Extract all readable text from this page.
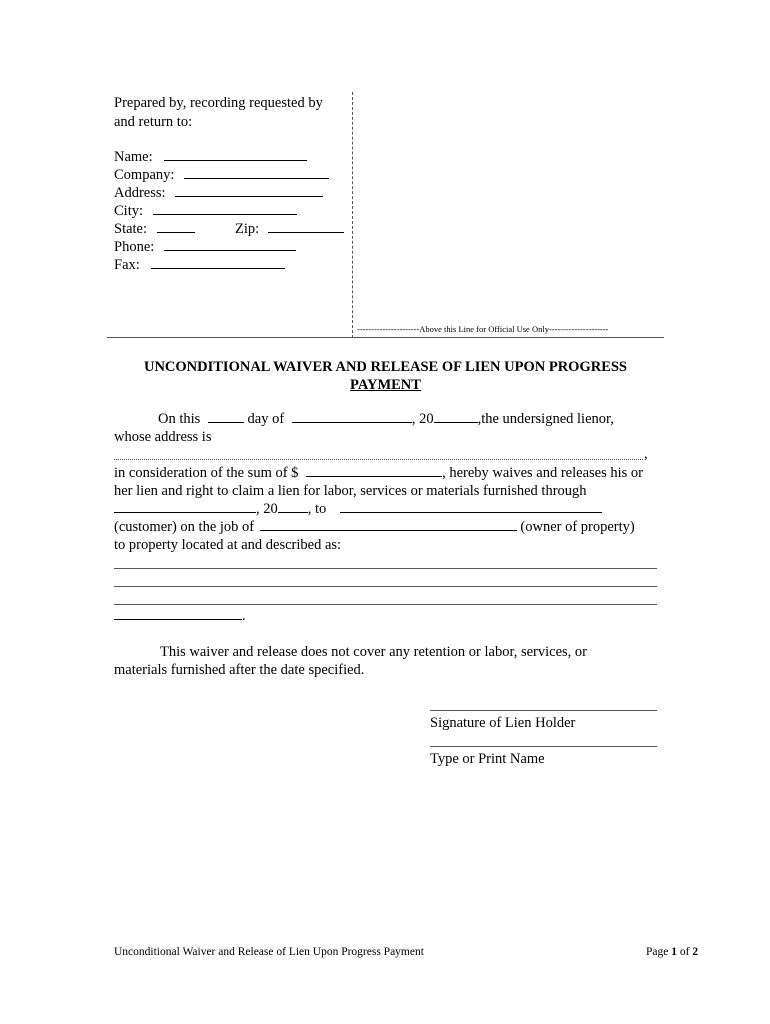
Prepared by, recording requested by
and return to:
Name:
Company:
Address:
City:
State:	Zip:
Phone:
Fax:
----------------------Above this Line for Official Use Only---------------------
UNCONDITIONAL WAIVER AND RELEASE OF LIEN UPON PROGRESS
PAYMENT
On this	day of	, 20	,the undersigned lienor,
whose address is
,
in consideration of the sum of $	, hereby waives and releases his or
her lien and right to claim a lien for labor, services or materials furnished through
, 20 , to
(customer) on the job of	(owner of property)
to property located at and described as:
.
This waiver and release does not cover any retention or labor, services, or
materials furnished after the date specified.
Signature of Lien Holder
Type or Print Name
Unconditional Waiver and Release of Lien Upon Progress Payment	Page 1 of 2
